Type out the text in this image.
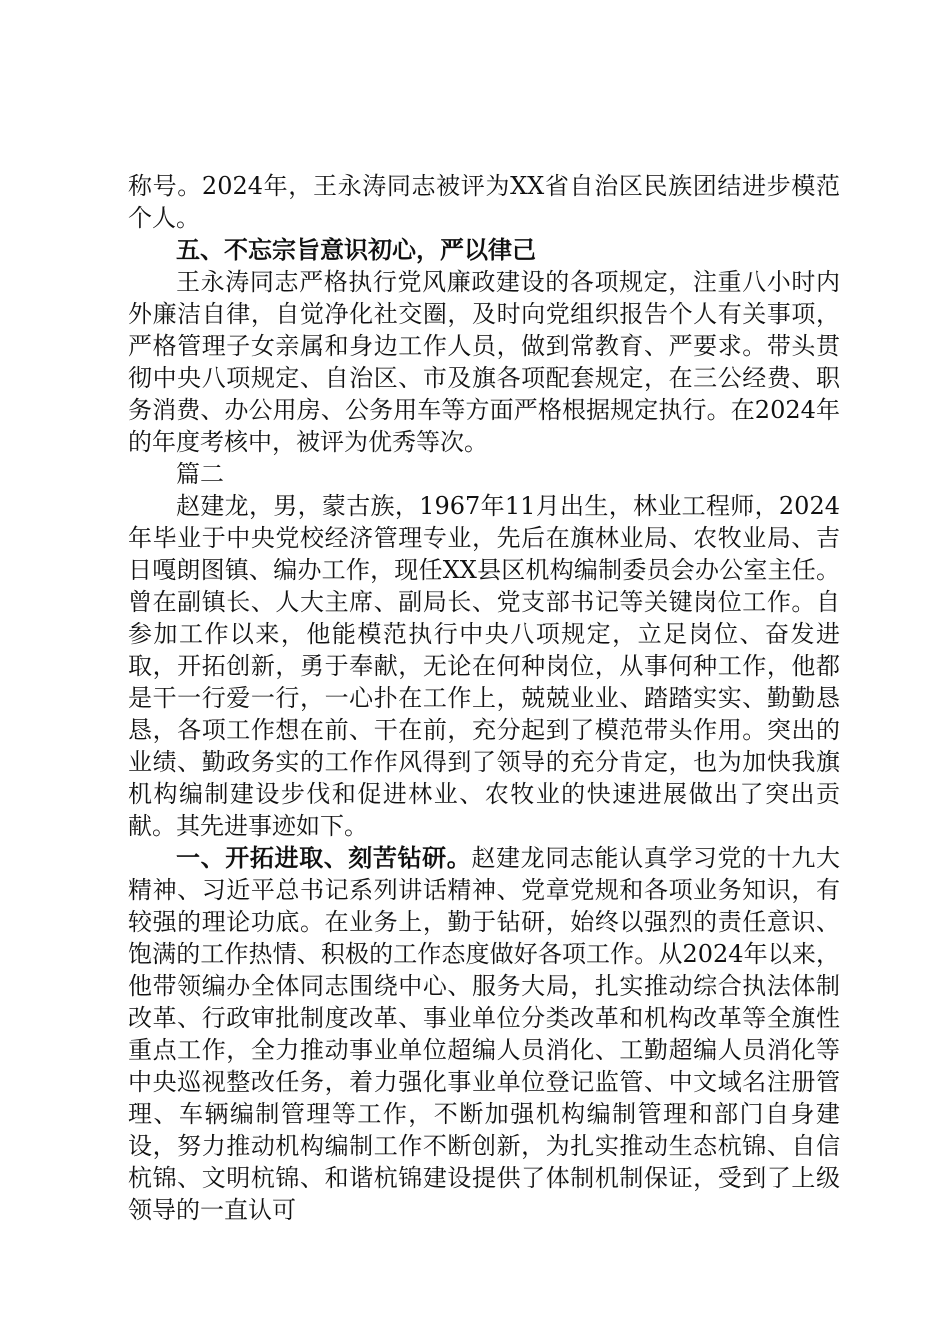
称号。2024年，王永涛同志被评为XX省自治区民族团结进步模范个人。

五、不忘宗旨意识初心，严以律己

王永涛同志严格执行党风廉政建设的各项规定，注重八小时内外廉洁自律，自觉净化社交圈，及时向党组织报告个人有关事项，严格管理子女亲属和身边工作人员，做到常教育、严要求。带头贯彻中央八项规定、自治区、市及旗各项配套规定，在三公经费、职务消费、办公用房、公务用车等方面严格根据规定执行。在2024年的年度考核中，被评为优秀等次。

篇二

赵建龙，男，蒙古族，1967年11月出生，林业工程师，2024年毕业于中央党校经济管理专业，先后在旗林业局、农牧业局、吉日嘎朗图镇、编办工作，现任XX县区机构编制委员会办公室主任。曾在副镇长、人大主席、副局长、党支部书记等关键岗位工作。自参加工作以来，他能模范执行中央八项规定，立足岗位、奋发进取，开拓创新，勇于奉献，无论在何种岗位，从事何种工作，他都是干一行爱一行，一心扑在工作上，兢兢业业、踏踏实实、勤勤恳恳，各项工作想在前、干在前，充分起到了模范带头作用。突出的业绩、勤政务实的工作作风得到了领导的充分肯定，也为加快我旗机构编制建设步伐和促进林业、农牧业的快速进展做出了突出贡献。其先进事迹如下。

一、开拓进取、刻苦钻研。赵建龙同志能认真学习党的十九大精神、习近平总书记系列讲话精神、党章党规和各项业务知识，有较强的理论功底。在业务上，勤于钻研，始终以强烈的责任意识、饱满的工作热情、积极的工作态度做好各项工作。从2024年以来，他带领编办全体同志围绕中心、服务大局，扎实推动综合执法体制改革、行政审批制度改革、事业单位分类改革和机构改革等全旗性重点工作，全力推动事业单位超编人员消化、工勤超编人员消化等中央巡视整改任务，着力强化事业单位登记监管、中文域名注册管理、车辆编制管理等工作，不断加强机构编制管理和部门自身建设，努力推动机构编制工作不断创新，为扎实推动生态杭锦、自信杭锦、文明杭锦、和谐杭锦建设提供了体制机制保证，受到了上级领导的一直认可
